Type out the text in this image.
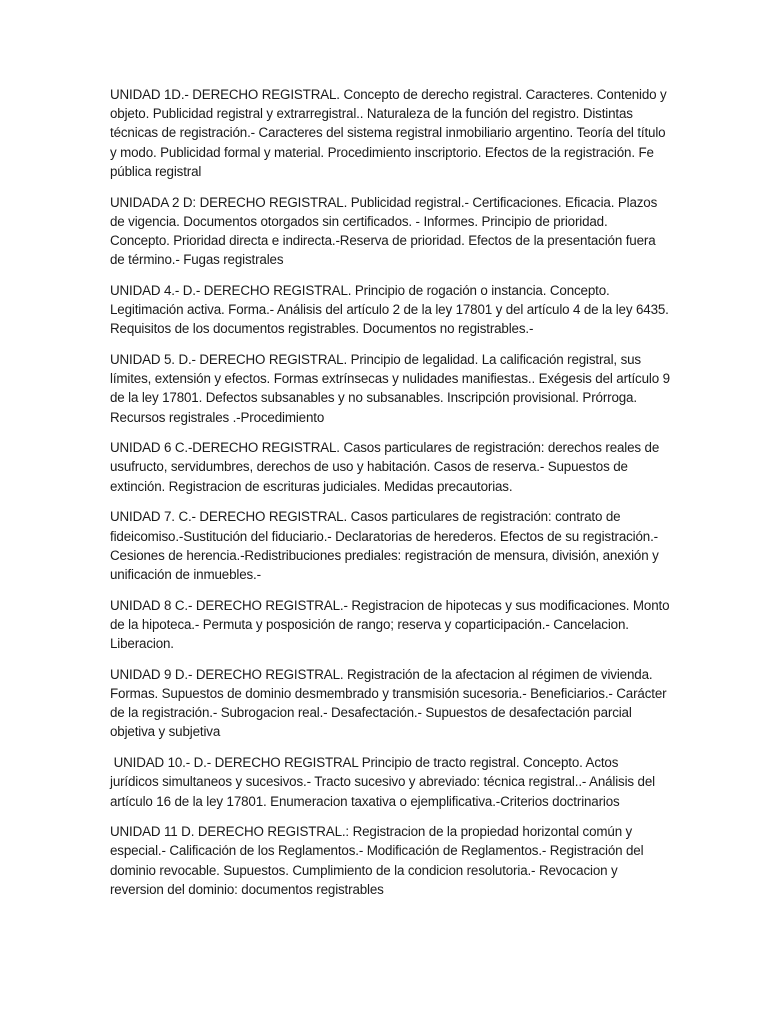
UNIDAD 1D.- DERECHO REGISTRAL. Concepto de derecho registral. Caracteres. Contenido y objeto. Publicidad registral y extrarregistral.. Naturaleza de la función del registro. Distintas técnicas de registración.- Caracteres del sistema registral inmobiliario argentino. Teoría del título y modo. Publicidad formal y material. Procedimiento inscriptorio. Efectos de la registración. Fe pública registral

UNIDADA 2 D: DERECHO REGISTRAL. Publicidad registral.- Certificaciones. Eficacia. Plazos de vigencia. Documentos otorgados sin certificados. - Informes. Principio de prioridad. Concepto. Prioridad directa e indirecta.-Reserva de prioridad. Efectos de la presentación fuera de término.- Fugas registrales

UNIDAD 4.- D.- DERECHO REGISTRAL. Principio de rogación o instancia. Concepto. Legitimación activa. Forma.- Análisis del artículo 2 de la ley 17801 y del artículo 4 de la ley 6435. Requisitos de los documentos registrables. Documentos no registrables.-

UNIDAD 5. D.- DERECHO REGISTRAL. Principio de legalidad. La calificación registral, sus límites, extensión y efectos. Formas extrínsecas y nulidades manifiestas.. Exégesis del artículo 9 de la ley 17801. Defectos subsanables y no subsanables. Inscripción provisional. Prórroga. Recursos registrales .-Procedimiento

UNIDAD 6 C.-DERECHO REGISTRAL. Casos particulares de registración: derechos reales de usufructo, servidumbres, derechos de uso y habitación. Casos de reserva.- Supuestos de extinción. Registracion de escrituras judiciales. Medidas precautorias.

UNIDAD 7. C.- DERECHO REGISTRAL. Casos particulares de registración: contrato de fideicomiso.-Sustitución del fiduciario.- Declaratorias de herederos. Efectos de su registración.- Cesiones de herencia.-Redistribuciones prediales: registración de mensura, división, anexión y unificación de inmuebles.-

UNIDAD 8 C.- DERECHO REGISTRAL.- Registracion de hipotecas y sus modificaciones. Monto de la hipoteca.- Permuta y posposición de rango; reserva y coparticipación.- Cancelacion. Liberacion.

UNIDAD 9 D.- DERECHO REGISTRAL. Registración de la afectacion al régimen de vivienda. Formas. Supuestos de dominio desmembrado y transmisión sucesoria.- Beneficiarios.- Carácter de la registración.- Subrogacion real.- Desafectación.- Supuestos de desafectación parcial objetiva y subjetiva

UNIDAD 10.- D.- DERECHO REGISTRAL Principio de tracto registral. Concepto. Actos jurídicos simultaneos y sucesivos.- Tracto sucesivo y abreviado: técnica registral..- Análisis del artículo 16 de la ley 17801. Enumeracion taxativa o ejemplificativa.-Criterios doctrinarios

UNIDAD 11 D. DERECHO REGISTRAL.: Registracion de la propiedad horizontal común y especial.- Calificación de los Reglamentos.- Modificación de Reglamentos.- Registración del dominio revocable. Supuestos. Cumplimiento de la condicion resolutoria.- Revocacion y reversion del dominio: documentos registrables
